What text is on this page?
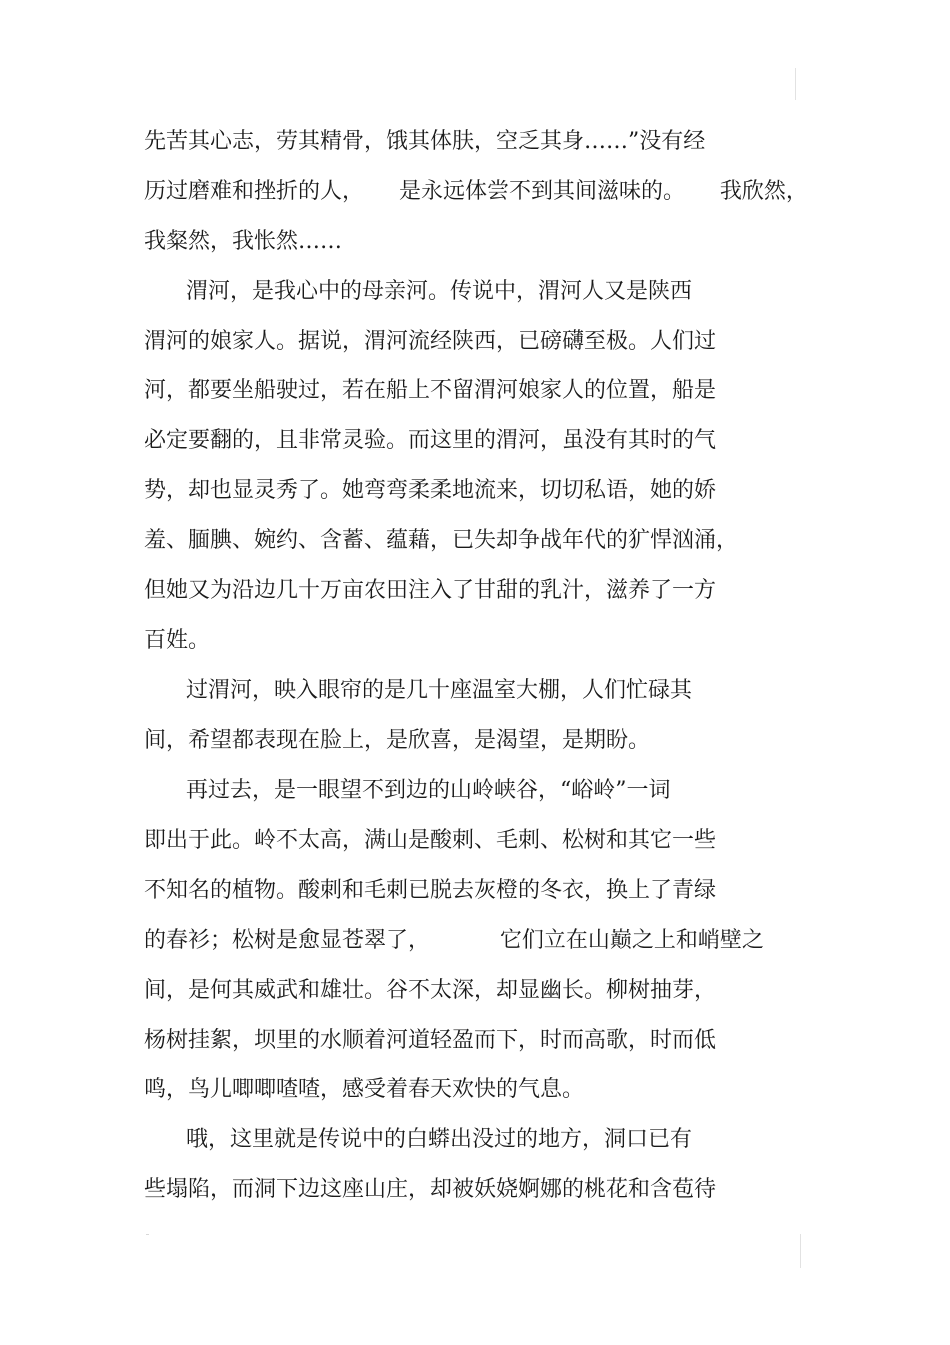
先苦其心志，劳其精骨，饿其体肤，空乏其身……”没有经
历过磨难和挫折的人，     是永远体尝不到其间滋味的。     我欣然，
我粲然，我怅然……
渭河，是我心中的母亲河。传说中，渭河人又是陕西
渭河的娘家人。据说，渭河流经陕西，已磅礴至极。人们过
河，都要坐船驶过，若在船上不留渭河娘家人的位置，船是
必定要翻的，且非常灵验。而这里的渭河，虽没有其时的气
势，却也显灵秀了。她弯弯柔柔地流来，切切私语，她的娇
羞、腼腆、婉约、含蓄、蕴藉，已失却争战年代的犷悍汹涌，
但她又为沿边几十万亩农田注入了甘甜的乳汁，滋养了一方
百姓。
过渭河，映入眼帘的是几十座温室大棚，人们忙碌其
间，希望都表现在脸上，是欣喜，是渴望，是期盼。
再过去，是一眼望不到边的山岭峡谷，“峪岭”一词
即出于此。岭不太高，满山是酸刺、毛刺、松树和其它一些
不知名的植物。酸刺和毛刺已脱去灰橙的冬衣，换上了青绿
的春衫；松树是愈显苍翠了，          它们立在山巅之上和峭壁之
间，是何其威武和雄壮。谷不太深，却显幽长。柳树抽芽，
杨树挂絮，坝里的水顺着河道轻盈而下，时而高歌，时而低
鸣，鸟儿唧唧喳喳，感受着春天欢快的气息。
哦，这里就是传说中的白蟒出没过的地方，洞口已有
些塌陷，而洞下边这座山庄，却被妖娆婀娜的桃花和含苞待
